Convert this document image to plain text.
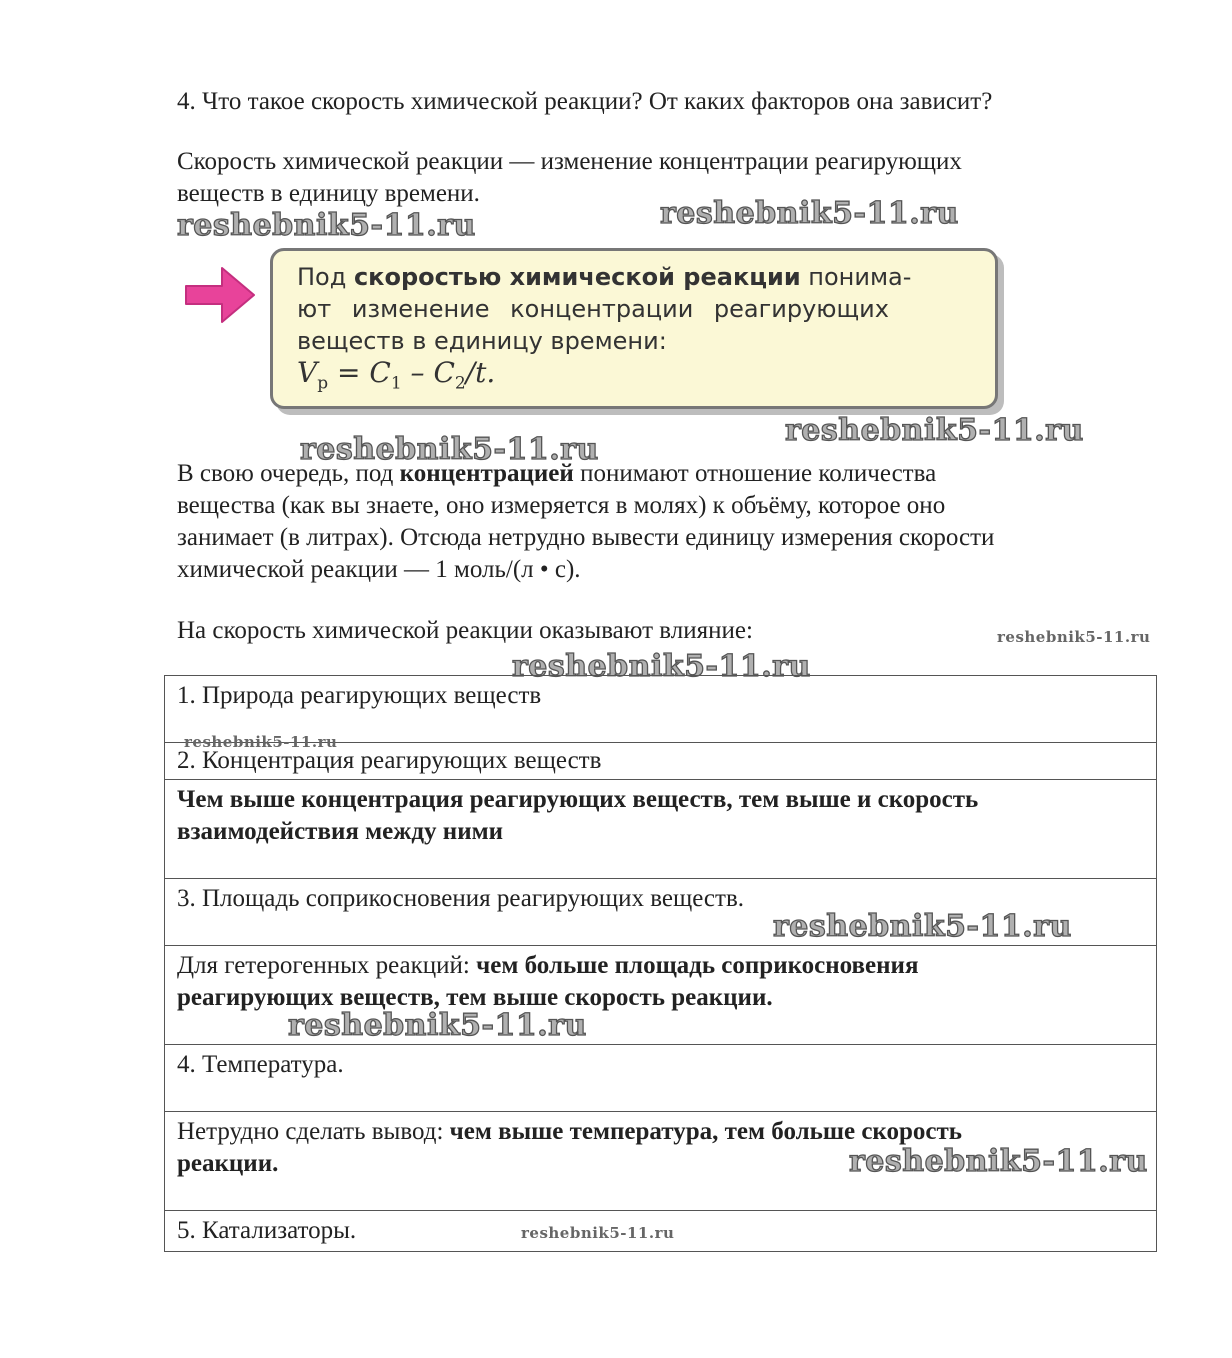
4. Что такое скорость химической реакции? От каких факторов она зависит?

Скорость химической реакции — изменение концентрации реагирующих

веществ в единицу времени.

reshebnik5-11.ru	reshebnik5-11.ru
Под скоростью химической реакции понима-
ют изменение концентрации реагирующих
веществ в единицу времени:
$V_р = C_1 - C_2/t$.
reshebnik5-11.ru
reshebnik5-11.ru

В свою очередь, под концентрацией понимают отношение количества

вещества (как вы знаете, оно измеряется в молях) к объёму, которое оно

занимает (в литрах). Отсюда нетрудно вывести единицу измерения скорости

химической реакции — 1 моль/(л • с).

На скорость химической реакции оказывают влияние:	reshebnik5-11.ru
reshebnik5-11.ru
1. Природа реагирующих веществ
2. Концентрация реагирующих веществ
Чем выше концентрация реагирующих веществ, тем выше и скорость
взаимодействия между ними
3. Площадь соприкосновения реагирующих веществ.
Для гетерогенных реакций: чем больше площадь соприкосновения
реагирующих веществ, тем выше скорость реакции.
4. Температура.
Нетрудно сделать вывод: чем выше температура, тем больше скорость
реакции.
5. Катализаторы.
reshebnik5-11.ru
reshebnik5-11.ru
reshebnik5-11.ru
reshebnik5-11.ru
reshebnik5-11.ru
